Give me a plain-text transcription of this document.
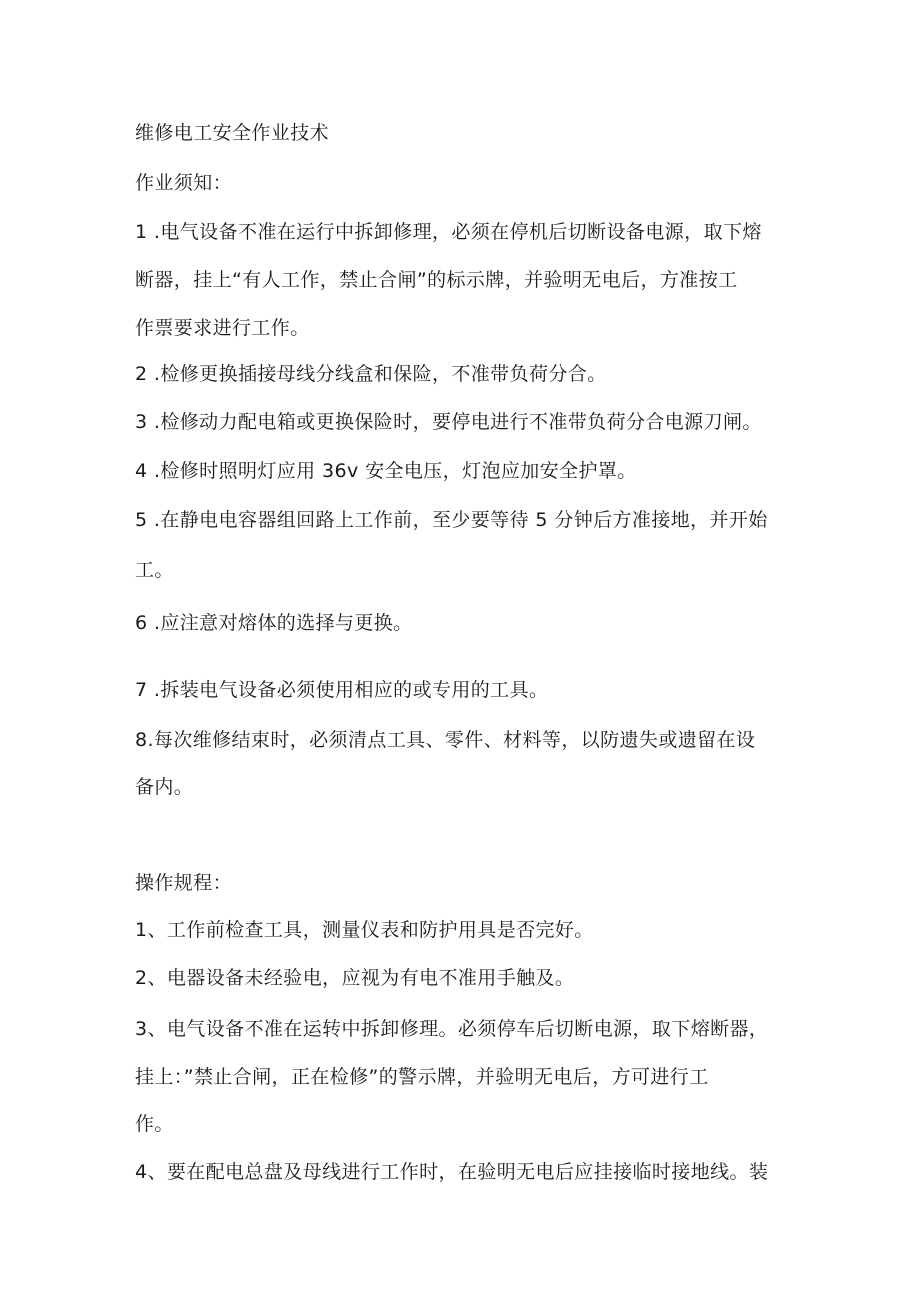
维修电工安全作业技术
作业须知：
1 .电气设备不准在运行中拆卸修理，必须在停机后切断设备电源，取下熔
断器，挂上“有人工作，禁止合闸”的标示牌，并验明无电后，方准按工
作票要求进行工作。
2 .检修更换插接母线分线盒和保险，不准带负荷分合。
3 .检修动力配电箱或更换保险时，要停电进行不准带负荷分合电源刀闸。
4 .检修时照明灯应用 36v 安全电压，灯泡应加安全护罩。
5 .在静电电容器组回路上工作前，至少要等待 5 分钟后方准接地，并开始
工。
6 .应注意对熔体的选择与更换。
7 .拆装电气设备必须使用相应的或专用的工具。
8.每次维修结束时，必须清点工具、零件、材料等，以防遗失或遗留在设
备内。
操作规程：
1、工作前检查工具，测量仪表和防护用具是否完好。
2、电器设备未经验电，应视为有电不准用手触及。
3、电气设备不准在运转中拆卸修理。必须停车后切断电源，取下熔断器，
挂上：”禁止合闸，正在检修”的警示牌，并验明无电后，方可进行工
作。
4、要在配电总盘及母线进行工作时，在验明无电后应挂接临时接地线。装
